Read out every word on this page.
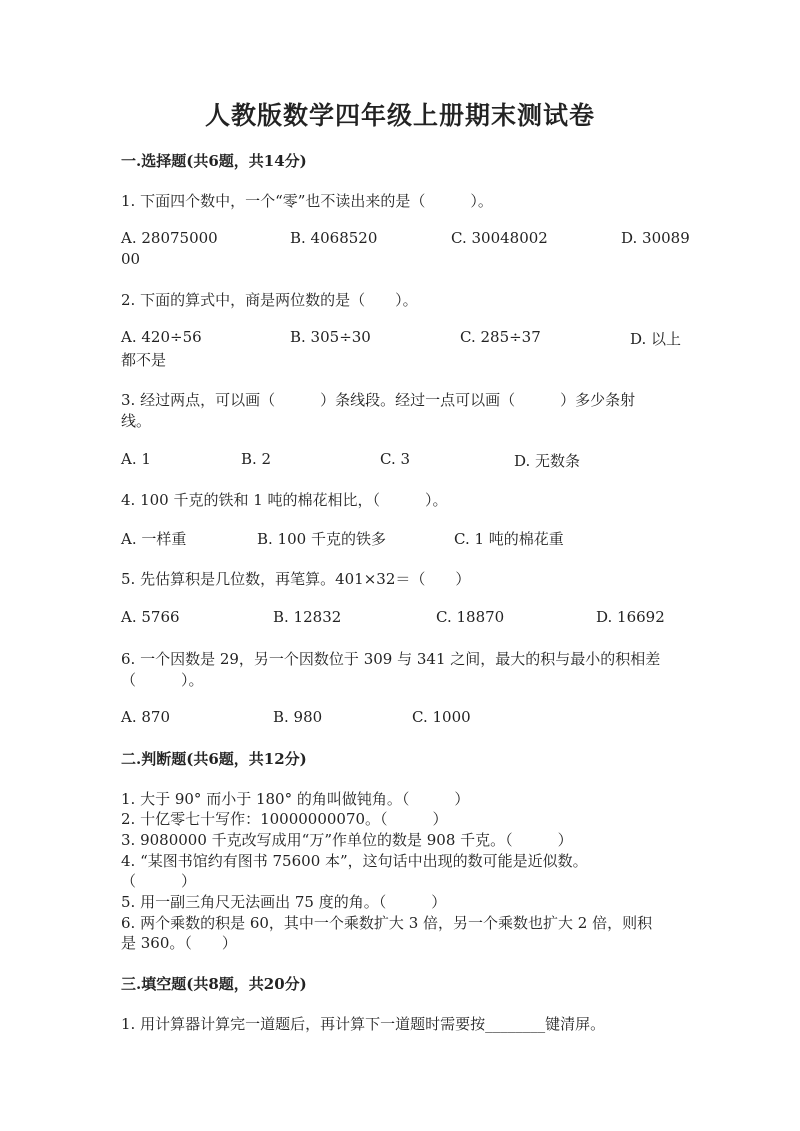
人教版数学四年级上册期末测试卷
一.选择题(共6题，共14分)
1. 下面四个数中，一个“零”也不读出来的是（　　　）。
A. 28075000	B. 4068520	C. 30048002	D. 30089
00
2. 下面的算式中，商是两位数的是（　　）。
A. 420÷56	B. 305÷30	C. 285÷37	D. 以上
都不是
3. 经过两点，可以画（　　　）条线段。经过一点可以画（　　　）多少条射
线。
A. 1	B. 2	C. 3	D. 无数条
4. 100 千克的铁和 1 吨的棉花相比，（　　　）。
A. 一样重	B. 100 千克的铁多	C. 1 吨的棉花重
5. 先估算积是几位数，再笔算。401×32＝（　　）
A. 5766	B. 12832	C. 18870	D. 16692
6. 一个因数是 29，另一个因数位于 309 与 341 之间，最大的积与最小的积相差
（　　　）。
A. 870	B. 980	C. 1000
二.判断题(共6题，共12分)
1. 大于 90° 而小于 180° 的角叫做钝角。（　　　）
2. 十亿零七十写作：10000000070。（　　　）
3. 9080000 千克改写成用“万”作单位的数是 908 千克。（　　　）
4. “某图书馆约有图书 75600 本”，这句话中出现的数可能是近似数。
（　　　）
5. 用一副三角尺无法画出 75 度的角。（　　　）
6. 两个乘数的积是 60，其中一个乘数扩大 3 倍，另一个乘数也扩大 2 倍，则积
是 360。（　　）
三.填空题(共8题，共20分)
1. 用计算器计算完一道题后，再计算下一道题时需要按________键清屏。
